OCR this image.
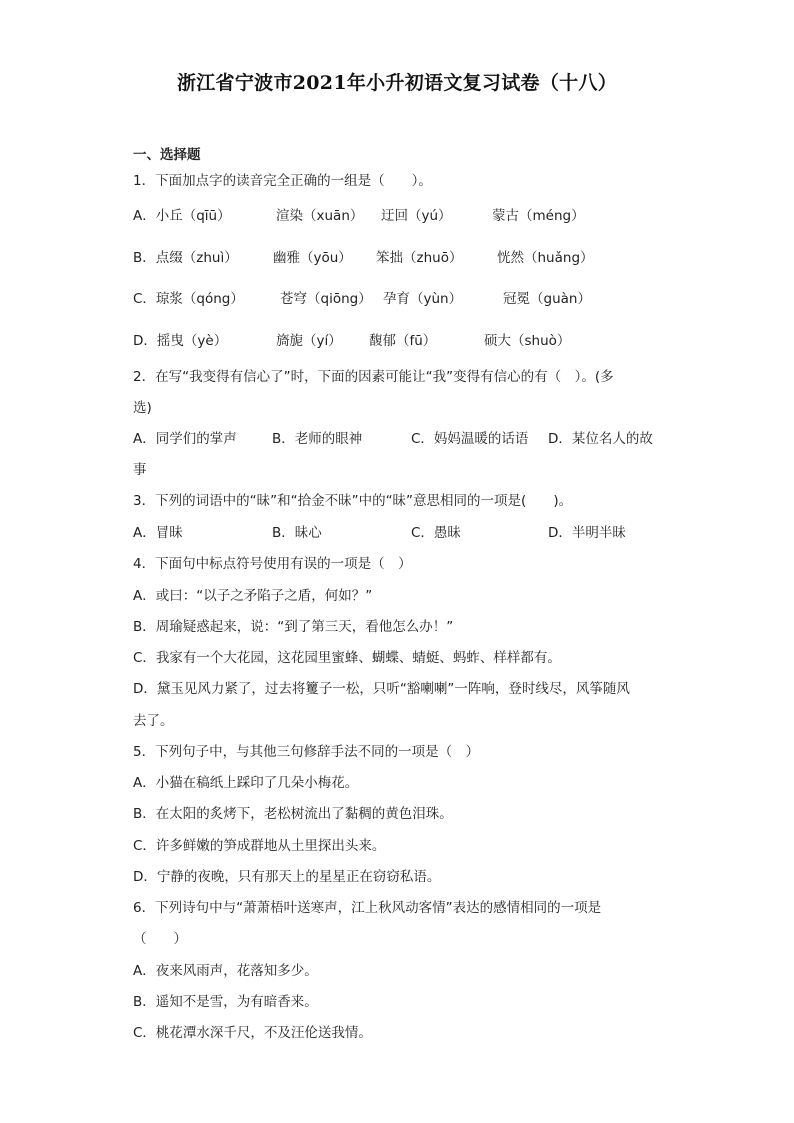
浙江省宁波市2021年小升初语文复习试卷（十八）
一、选择题
1．下面加点字的读音完全正确的一组是（　　）。
A．小丘（qīū）	渲染（xuān） 迂回（yú）	蒙古（méng）
B．点缀（zhuì）	幽雅（yōu） 笨拙（zhuō）	恍然（huǎng）
C．琼浆（qóng）	苍穹（qiōng） 孕育（yùn）	冠冕（guàn）
D．摇曳（yè）	旖旎（yí） 馥郁（fū）	硕大（shuò）
2．在写“我变得有信心了”时，下面的因素可能让“我”变得有信心的有（　）。(多
选)
A．同学们的掌声	B．老师的眼神	C．妈妈温暖的话语 D．某位名人的故
事
3．下列的词语中的“昧”和“拾金不昧”中的“昧”意思相同的一项是(　　)。
A．冒昧	B．昧心	C．愚昧	D．半明半昧
4．下面句中标点符号使用有误的一项是（　）
A．或曰：“以子之矛陷子之盾，何如？”
B．周瑜疑惑起来，说：“到了第三天，看他怎么办！”
C．我家有一个大花园，这花园里蜜蜂、蝴蝶、蜻蜓、蚂蚱、样样都有。
D．黛玉见风力紧了，过去将籰子一松，只听“豁喇喇”一阵响，登时线尽，风筝随风
去了。
5．下列句子中，与其他三句修辞手法不同的一项是（　）
A．小猫在稿纸上踩印了几朵小梅花。
B．在太阳的炙烤下，老松树流出了黏稠的黄色泪珠。
C．许多鲜嫩的笋成群地从土里探出头来。
D．宁静的夜晚，只有那天上的星星正在窃窃私语。
6．下列诗句中与“萧萧梧叶送寒声，江上秋风动客情”表达的感情相同的一项是
（　　）
A．夜来风雨声，花落知多少。
B．遥知不是雪，为有暗香来。
C．桃花潭水深千尺，不及汪伦送我情。
